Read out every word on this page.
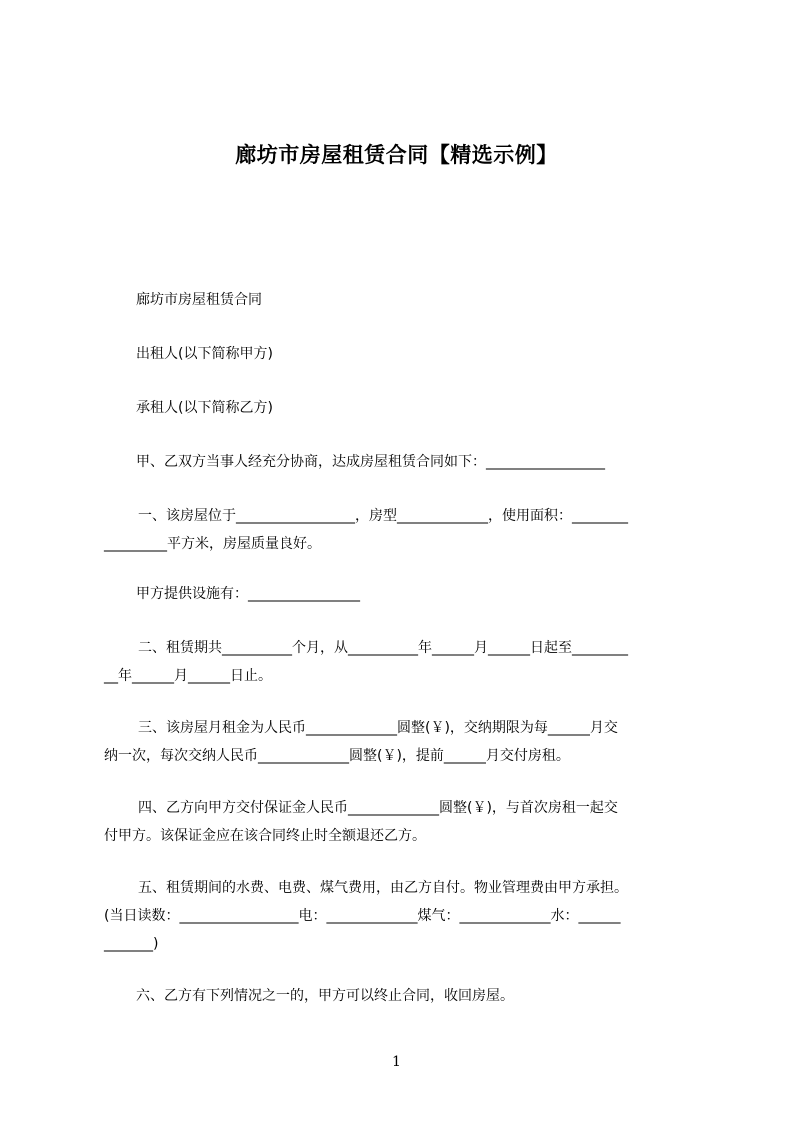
廊坊市房屋租赁合同【精选示例】

廊坊市房屋租赁合同

出租人(以下简称甲方)

承租人(以下简称乙方)

甲、乙双方当事人经充分协商，达成房屋租赁合同如下：_________________

一、该房屋位于_________________，房型_____________，使用面积：________

_________平方米，房屋质量良好。

甲方提供设施有：________________

二、租赁期共__________个月，从__________年______月______日起至________

__年______月______日止。

三、该房屋月租金为人民币_____________圆整(￥)，交纳期限为每______月交

纳一次，每次交纳人民币_____________圆整(￥)，提前______月交付房租。

四、乙方向甲方交付保证金人民币_____________圆整(￥)，与首次房租一起交

付甲方。该保证金应在该合同终止时全额退还乙方。

五、租赁期间的水费、电费、煤气费用，由乙方自付。物业管理费由甲方承担。

(当日读数：_________________电：_____________煤气：_____________水：______

_______)

六、乙方有下列情况之一的，甲方可以终止合同，收回房屋。

1
